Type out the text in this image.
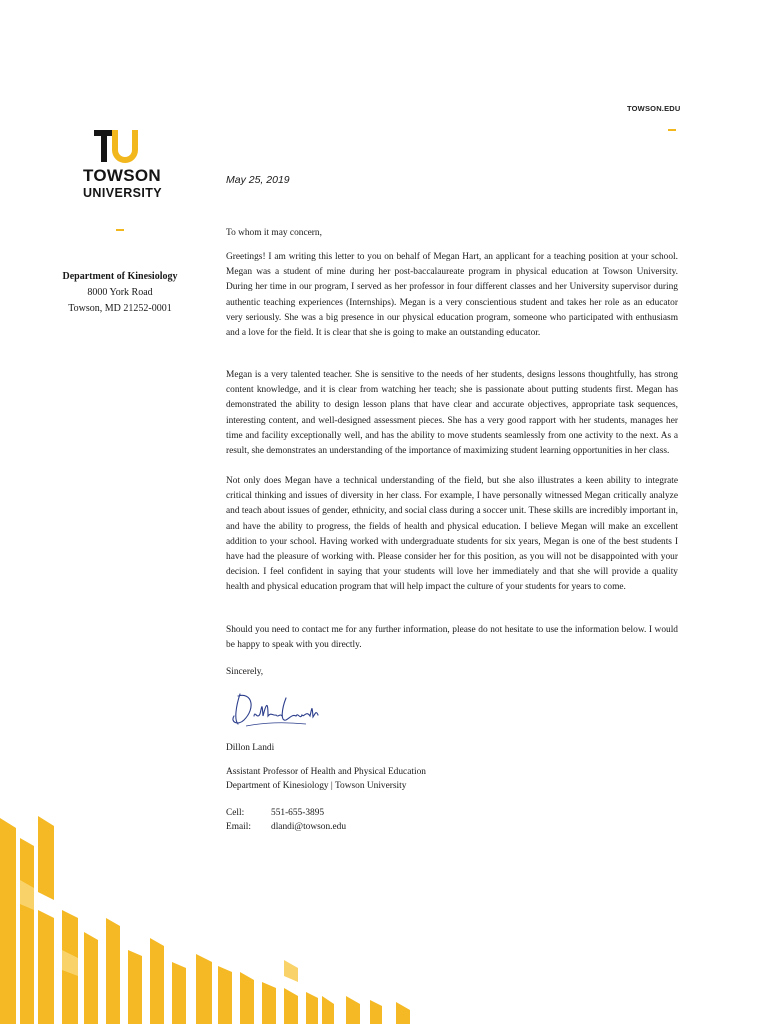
TOWSON.EDU
TOWSON
UNIVERSITY
Department of Kinesiology
8000 York Road
Towson, MD 21252-0001
May 25, 2019

To whom it may concern,

Greetings! I am writing this letter to you on behalf of Megan Hart, an applicant for a teaching position at your school. Megan was a student of mine during her post-baccalaureate program in physical education at Towson University. During her time in our program, I served as her professor in four different classes and her University supervisor during authentic teaching experiences (Internships). Megan is a very conscientious student and takes her role as an educator very seriously. She was a big presence in our physical education program, someone who participated with enthusiasm and a love for the field. It is clear that she is going to make an outstanding educator.

Megan is a very talented teacher. She is sensitive to the needs of her students, designs lessons thoughtfully, has strong content knowledge, and it is clear from watching her teach; she is passionate about putting students first. Megan has demonstrated the ability to design lesson plans that have clear and accurate objectives, appropriate task sequences, interesting content, and well-designed assessment pieces. She has a very good rapport with her students, manages her time and facility exceptionally well, and has the ability to move students seamlessly from one activity to the next. As a result, she demonstrates an understanding of the importance of maximizing student learning opportunities in her class.

Not only does Megan have a technical understanding of the field, but she also illustrates a keen ability to integrate critical thinking and issues of diversity in her class. For example, I have personally witnessed Megan critically analyze and teach about issues of gender, ethnicity, and social class during a soccer unit. These skills are incredibly important in, and have the ability to progress, the fields of health and physical education. I believe Megan will make an excellent addition to your school. Having worked with undergraduate students for six years, Megan is one of the best students I have had the pleasure of working with. Please consider her for this position, as you will not be disappointed with your decision. I feel confident in saying that your students will love her immediately and that she will provide a quality health and physical education program that will help impact the culture of your students for years to come.

Should you need to contact me for any further information, please do not hesitate to use the information below. I would be happy to speak with you directly.

Sincerely,

Dillon Landi
Assistant Professor of Health and Physical Education
Department of Kinesiology | Towson University
Cell:	551-655-3895
Email: dlandi@towson.edu
